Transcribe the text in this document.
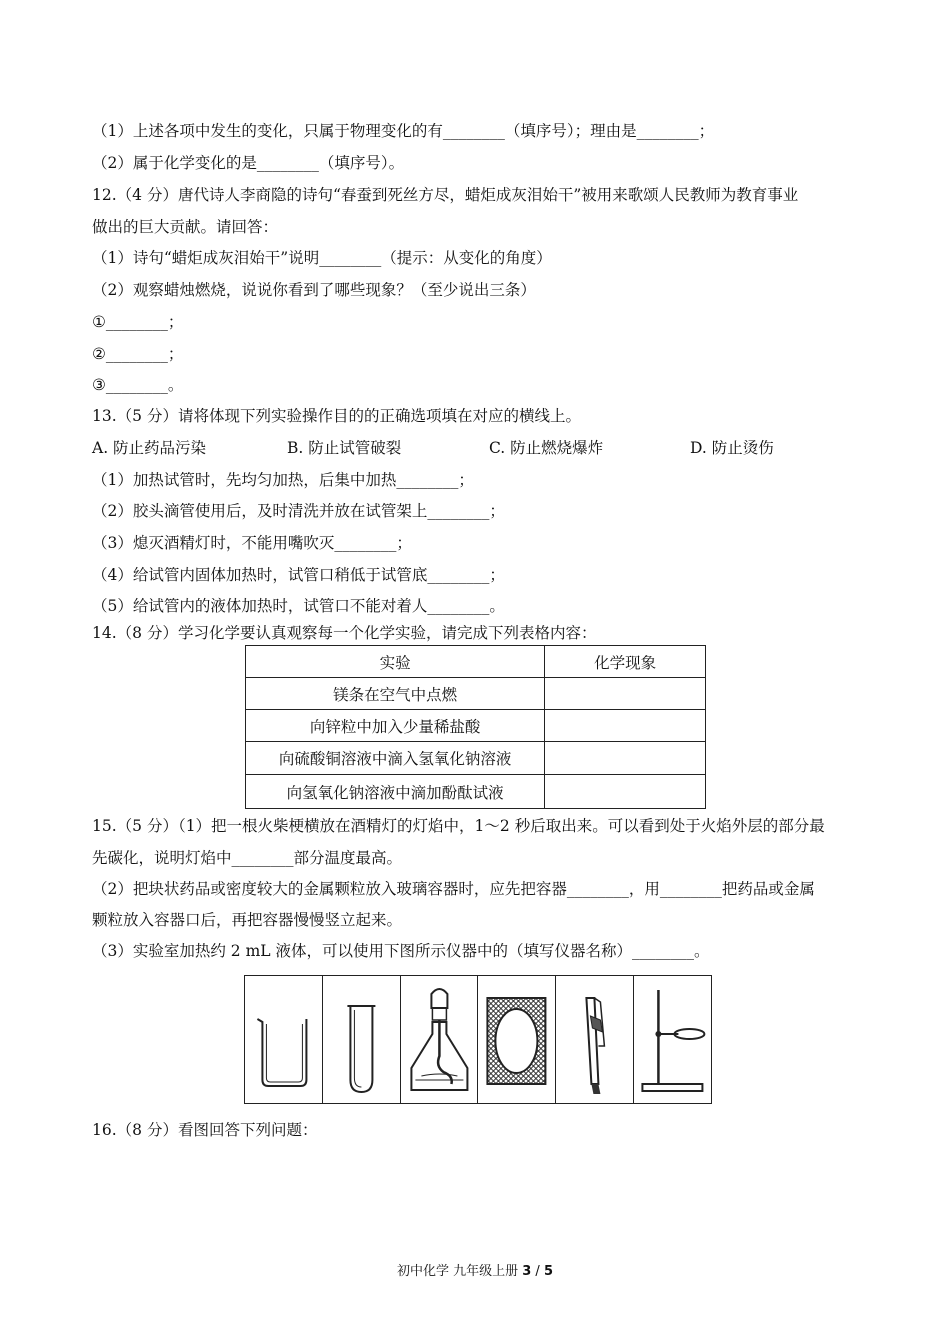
（1）上述各项中发生的变化，只属于物理变化的有________（填序号）；理由是________；
（2）属于化学变化的是________（填序号）。
12.（4 分）唐代诗人李商隐的诗句“春蚕到死丝方尽，蜡炬成灰泪始干”被用来歌颂人民教师为教育事业
做出的巨大贡献。请回答：
（1）诗句“蜡炬成灰泪始干”说明________（提示：从变化的角度）
（2）观察蜡烛燃烧，说说你看到了哪些现象？（至少说出三条）
①________；
②________；
③________。
13.（5 分）请将体现下列实验操作目的的正确选项填在对应的横线上。
A. 防止药品污染	B. 防止试管破裂	C. 防止燃烧爆炸	D. 防止烫伤
（1）加热试管时，先均匀加热，后集中加热________；
（2）胶头滴管使用后，及时清洗并放在试管架上________；
（3）熄灭酒精灯时，不能用嘴吹灭________；
（4）给试管内固体加热时，试管口稍低于试管底________；
（5）给试管内的液体加热时，试管口不能对着人________。
14.（8 分）学习化学要认真观察每一个化学实验，请完成下列表格内容：
实验	化学现象
镁条在空气中点燃	
向锌粒中加入少量稀盐酸	
向硫酸铜溶液中滴入氢氧化钠溶液	
向氢氧化钠溶液中滴加酚酞试液	
15.（5 分）（1）把一根火柴梗横放在酒精灯的灯焰中，1～2 秒后取出来。可以看到处于火焰外层的部分最
先碳化，说明灯焰中________部分温度最高。
（2）把块状药品或密度较大的金属颗粒放入玻璃容器时，应先把容器________，用________把药品或金属
颗粒放入容器口后，再把容器慢慢竖立起来。
（3）实验室加热约 2 mL 液体，可以使用下图所示仪器中的（填写仪器名称）________。
16.（8 分）看图回答下列问题：
初中化学 九年级上册 3 / 5
